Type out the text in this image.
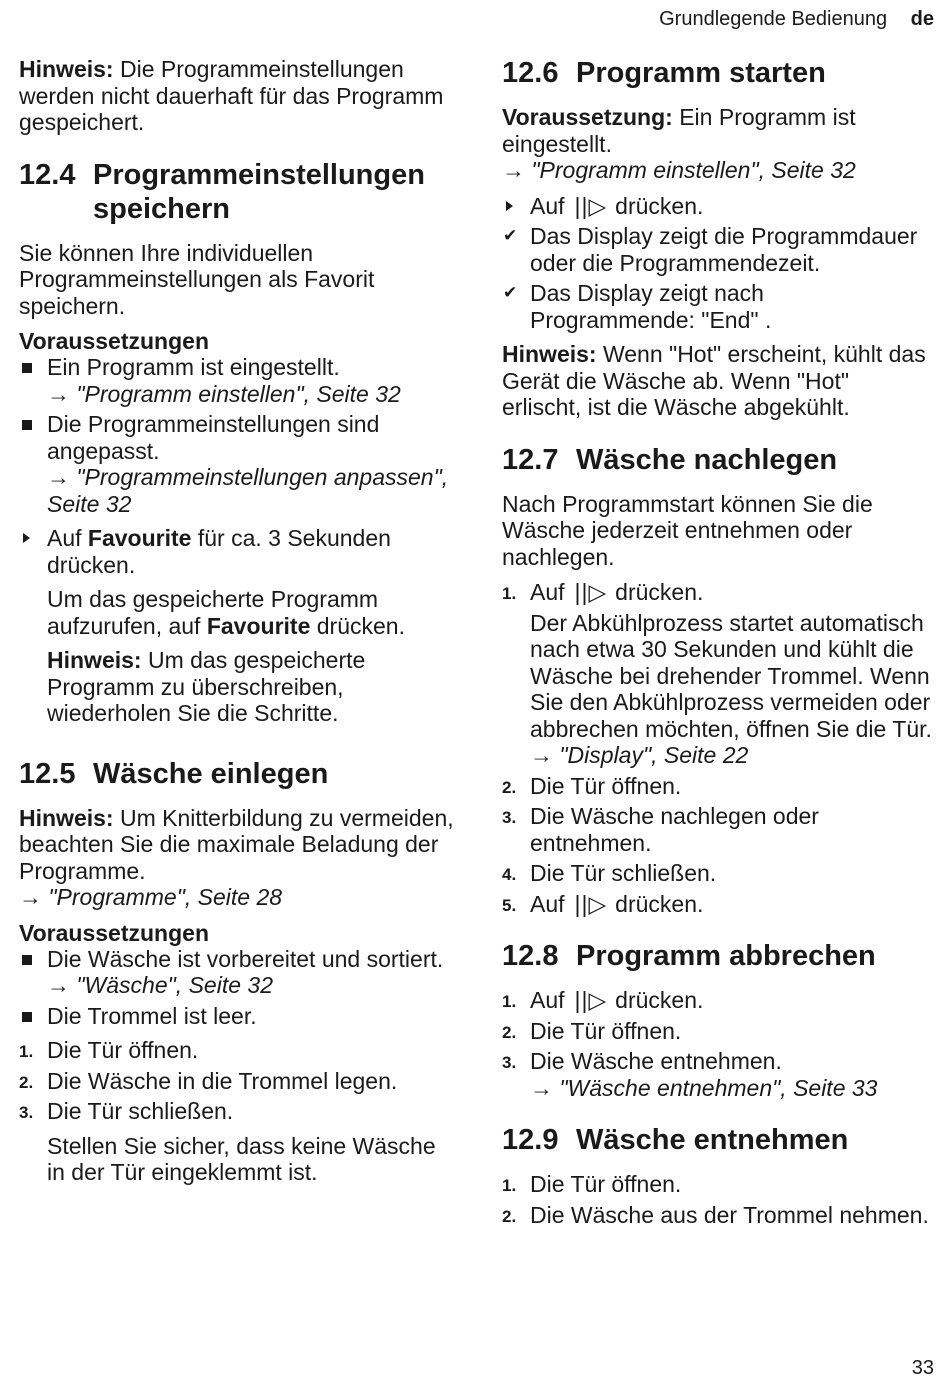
Grundlegende Bedienung de

Hinweis: Die Programmeinstellungen werden nicht dauerhaft für das Programm gespeichert.

12.4 Programmeinstellungen speichern

Sie können Ihre individuellen Programmeinstellungen als Favorit speichern.

Voraussetzungen
Ein Programm ist eingestellt.
→ "Programm einstellen", Seite 32
Die Programmeinstellungen sind angepasst.
→ "Programmeinstellungen anpassen", Seite 32
Auf Favourite für ca. 3 Sekunden drücken.

Um das gespeicherte Programm aufzurufen, auf Favourite drücken.

Hinweis: Um das gespeicherte Programm zu überschreiben, wiederholen Sie die Schritte.

12.5 Wäsche einlegen

Hinweis: Um Knitterbildung zu vermeiden, beachten Sie die maximale Beladung der Programme.
→ "Programme", Seite 28

Voraussetzungen
Die Wäsche ist vorbereitet und sortiert.
→ "Wäsche", Seite 32
Die Trommel ist leer.
1. Die Tür öffnen.
2. Die Wäsche in die Trommel legen.
3. Die Tür schließen.

Stellen Sie sicher, dass keine Wäsche in der Tür eingeklemmt ist.

12.6 Programm starten

Voraussetzung: Ein Programm ist eingestellt.
→ "Programm einstellen", Seite 32

Auf ||▷ drücken.
✔ Das Display zeigt die Programmdauer oder die Programmendezeit.
✔ Das Display zeigt nach Programmende: "End" .

Hinweis: Wenn "Hot" erscheint, kühlt das Gerät die Wäsche ab. Wenn "Hot" erlischt, ist die Wäsche abgekühlt.

12.7 Wäsche nachlegen

Nach Programmstart können Sie die Wäsche jederzeit entnehmen oder nachlegen.

1. Auf ||▷ drücken.
Der Abkühlprozess startet automatisch nach etwa 30 Sekunden und kühlt die Wäsche bei drehender Trommel. Wenn Sie den Abkühlprozess vermeiden oder abbrechen möchten, öffnen Sie die Tür.
→ "Display", Seite 22
2. Die Tür öffnen.
3. Die Wäsche nachlegen oder entnehmen.
4. Die Tür schließen.
5. Auf ||▷ drücken.
12.8 Programm abbrechen
1. Auf ||▷ drücken.
2. Die Tür öffnen.
3. Die Wäsche entnehmen.
→ "Wäsche entnehmen", Seite 33
12.9 Wäsche entnehmen
1. Die Tür öffnen.
2. Die Wäsche aus der Trommel nehmen.
33
